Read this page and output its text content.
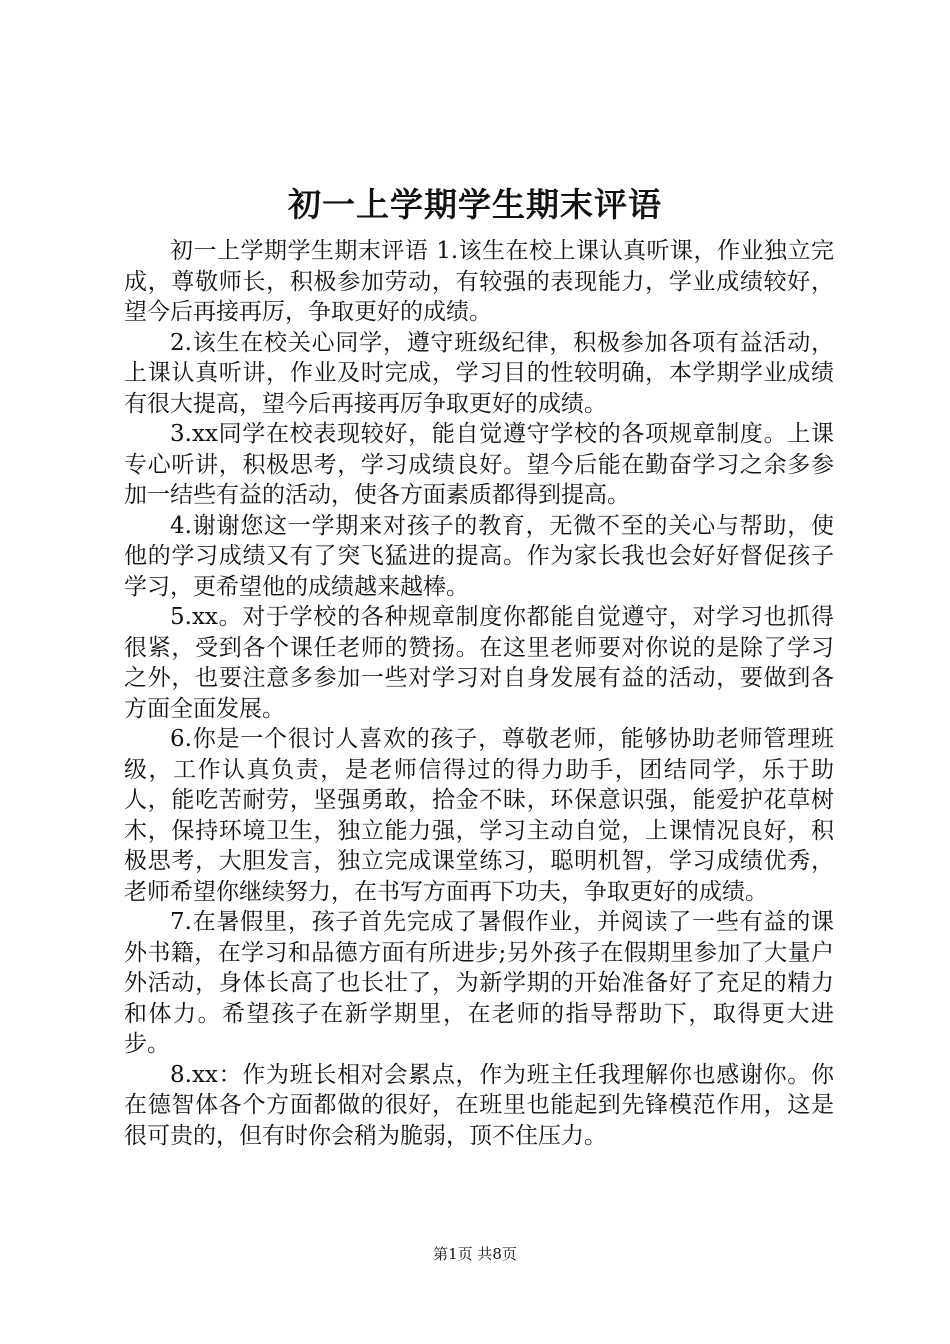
初一上学期学生期末评语

初一上学期学生期末评语 1.该生在校上课认真听课，作业独立完成，尊敬师长，积极参加劳动，有较强的表现能力，学业成绩较好，望今后再接再厉，争取更好的成绩。

2.该生在校关心同学，遵守班级纪律，积极参加各项有益活动，上课认真听讲，作业及时完成，学习目的性较明确，本学期学业成绩有很大提高，望今后再接再厉争取更好的成绩。

3.xx同学在校表现较好，能自觉遵守学校的各项规章制度。上课专心听讲，积极思考，学习成绩良好。望今后能在勤奋学习之余多参加一结些有益的活动，使各方面素质都得到提高。

4.谢谢您这一学期来对孩子的教育，无微不至的关心与帮助，使他的学习成绩又有了突飞猛进的提高。作为家长我也会好好督促孩子学习，更希望他的成绩越来越棒。

5.xx。对于学校的各种规章制度你都能自觉遵守，对学习也抓得很紧，受到各个课任老师的赞扬。在这里老师要对你说的是除了学习之外，也要注意多参加一些对学习对自身发展有益的活动，要做到各方面全面发展。

6.你是一个很讨人喜欢的孩子，尊敬老师，能够协助老师管理班级，工作认真负责，是老师信得过的得力助手，团结同学，乐于助人，能吃苦耐劳，坚强勇敢，拾金不昧，环保意识强，能爱护花草树木，保持环境卫生，独立能力强，学习主动自觉，上课情况良好，积极思考，大胆发言，独立完成课堂练习，聪明机智，学习成绩优秀，老师希望你继续努力，在书写方面再下功夫，争取更好的成绩。

7.在暑假里，孩子首先完成了暑假作业，并阅读了一些有益的课外书籍，在学习和品德方面有所进步;另外孩子在假期里参加了大量户外活动，身体长高了也长壮了，为新学期的开始准备好了充足的精力和体力。希望孩子在新学期里，在老师的指导帮助下，取得更大进步。

8.xx：作为班长相对会累点，作为班主任我理解你也感谢你。你在德智体各个方面都做的很好，在班里也能起到先锋模范作用，这是很可贵的，但有时你会稍为脆弱，顶不住压力。

第1页 共8页
